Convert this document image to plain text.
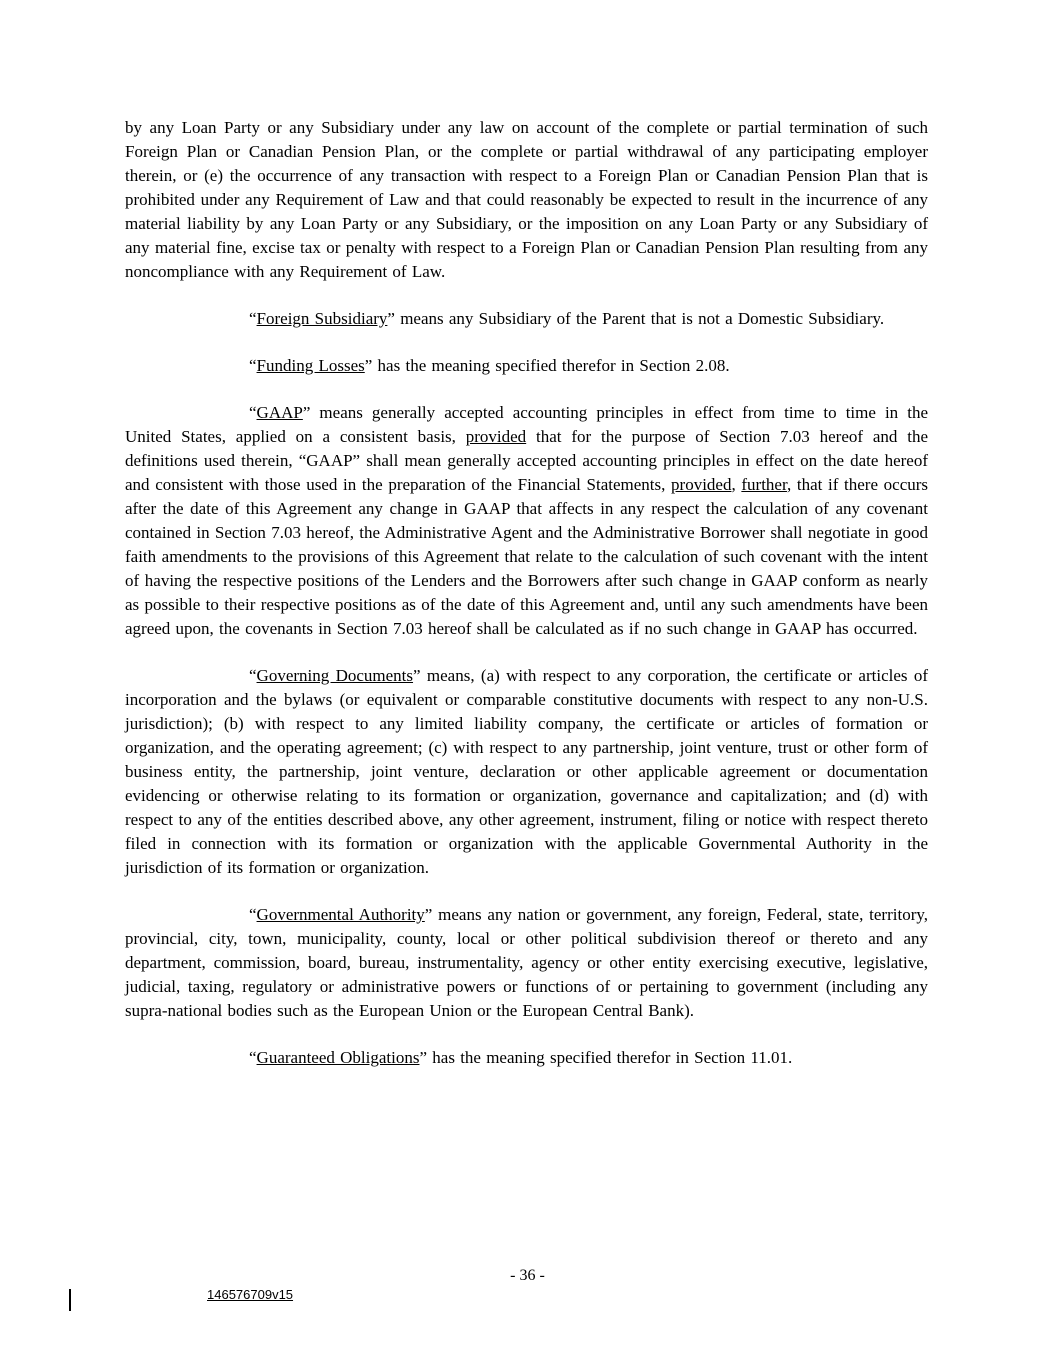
by any Loan Party or any Subsidiary under any law on account of the complete or partial termination of such Foreign Plan or Canadian Pension Plan, or the complete or partial withdrawal of any participating employer therein, or (e) the occurrence of any transaction with respect to a Foreign Plan or Canadian Pension Plan that is prohibited under any Requirement of Law and that could reasonably be expected to result in the incurrence of any material liability by any Loan Party or any Subsidiary, or the imposition on any Loan Party or any Subsidiary of any material fine, excise tax or penalty with respect to a Foreign Plan or Canadian Pension Plan resulting from any noncompliance with any Requirement of Law.

“Foreign Subsidiary” means any Subsidiary of the Parent that is not a Domestic Subsidiary.

“Funding Losses” has the meaning specified therefor in Section 2.08.

“GAAP” means generally accepted accounting principles in effect from time to time in the United States, applied on a consistent basis, provided that for the purpose of Section 7.03 hereof and the definitions used therein, “GAAP” shall mean generally accepted accounting principles in effect on the date hereof and consistent with those used in the preparation of the Financial Statements, provided, further, that if there occurs after the date of this Agreement any change in GAAP that affects in any respect the calculation of any covenant contained in Section 7.03 hereof, the Administrative Agent and the Administrative Borrower shall negotiate in good faith amendments to the provisions of this Agreement that relate to the calculation of such covenant with the intent of having the respective positions of the Lenders and the Borrowers after such change in GAAP conform as nearly as possible to their respective positions as of the date of this Agreement and, until any such amendments have been agreed upon, the covenants in Section 7.03 hereof shall be calculated as if no such change in GAAP has occurred.

“Governing Documents” means, (a) with respect to any corporation, the certificate or articles of incorporation and the bylaws (or equivalent or comparable constitutive documents with respect to any non-U.S. jurisdiction); (b) with respect to any limited liability company, the certificate or articles of formation or organization, and the operating agreement; (c) with respect to any partnership, joint venture, trust or other form of business entity, the partnership, joint venture, declaration or other applicable agreement or documentation evidencing or otherwise relating to its formation or organization, governance and capitalization; and (d) with respect to any of the entities described above, any other agreement, instrument, filing or notice with respect thereto filed in connection with its formation or organization with the applicable Governmental Authority in the jurisdiction of its formation or organization.

“Governmental Authority” means any nation or government, any foreign, Federal, state, territory, provincial, city, town, municipality, county, local or other political subdivision thereof or thereto and any department, commission, board, bureau, instrumentality, agency or other entity exercising executive, legislative, judicial, taxing, regulatory or administrative powers or functions of or pertaining to government (including any supra-national bodies such as the European Union or the European Central Bank).

“Guaranteed Obligations” has the meaning specified therefor in Section 11.01.

- 36 -
146576709v15
